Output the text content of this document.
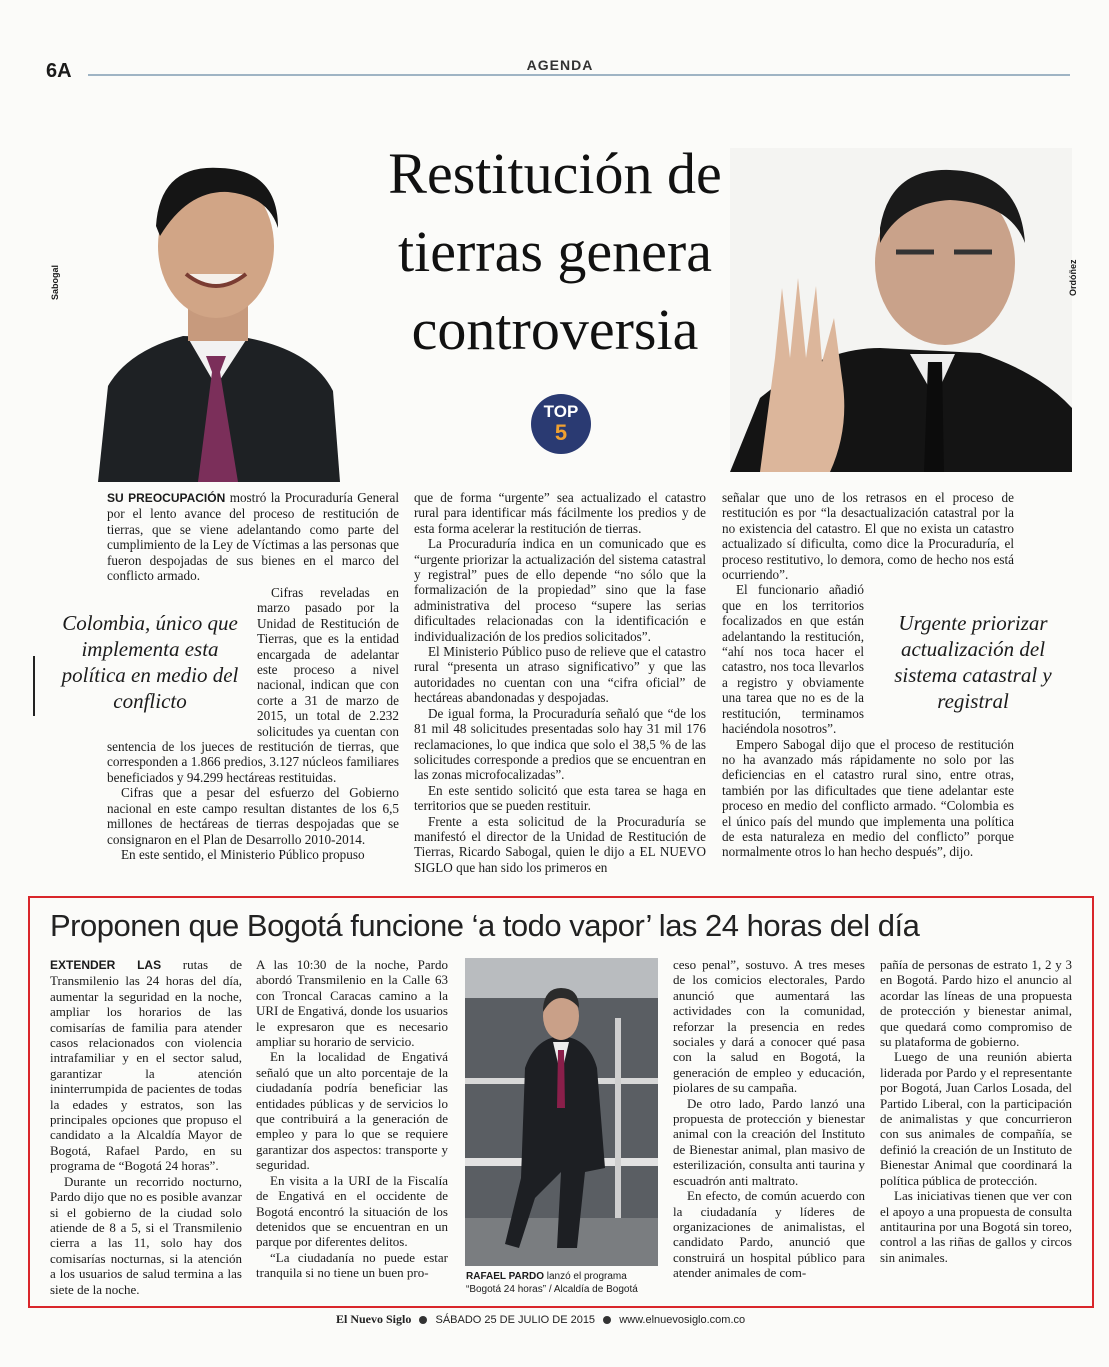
6A	AGENDA
Sabogal
Restitución de
tierras genera
controversia
TOP
5
Ordóñez

SU PREOCUPACIÓN mostró la Procuraduría General por el lento avance del proceso de restitución de tierras, que se viene adelantando como parte del cumplimiento de la Ley de Víctimas a las personas que fueron despojadas de sus bienes en el marco del conflicto armado.

Cifras reveladas en marzo pasado por la Unidad de Restitución de Tierras, que es la entidad encargada de adelantar este proceso a nivel nacional, indican que con corte a 31 de marzo de 2015, un total de 2.232 solicitudes ya cuentan con sentencia de los jueces de restitución de tierras, que corresponden a 1.866 predios, 3.127 núcleos familiares beneficiados y 94.299 hectáreas restituidas.

Cifras que a pesar del esfuerzo del Gobierno nacional en este campo resultan distantes de los 6,5 millones de hectáreas de tierras despojadas que se consignaron en el Plan de Desarrollo 2010-2014.

En este sentido, el Ministerio Público propuso

Colombia, único que implementa esta política en medio del conflicto

que de forma “urgente” sea actualizado el catastro rural para identificar más fácilmente los predios y de esta forma acelerar la restitución de tierras.

La Procuraduría indica en un comunicado que es “urgente priorizar la actualización del sistema catastral y registral” pues de ello depende “no sólo que la formalización de la propiedad” sino que la fase administrativa del proceso “supere las serias dificultades relacionadas con la identificación e individualización de los predios solicitados”.

El Ministerio Público puso de relieve que el catastro rural “presenta un atraso significativo” y que las autoridades no cuentan con una “cifra oficial” de hectáreas abandonadas y despojadas.

De igual forma, la Procuraduría señaló que “de los 81 mil 48 solicitudes presentadas solo hay 31 mil 176 reclamaciones, lo que indica que solo el 38,5 % de las solicitudes corresponde a predios que se encuentran en las zonas microfocalizadas”.

En este sentido solicitó que esta tarea se haga en territorios que se pueden restituir.

Frente a esta solicitud de la Procuraduría se manifestó el director de la Unidad de Restitución de Tierras, Ricardo Sabogal, quien le dijo a EL NUEVO SIGLO que han sido los primeros en

señalar que uno de los retrasos en el proceso de restitución es por “la desactualización catastral por la no existencia del catastro. El que no exista un catastro actualizado sí dificulta, como dice la Procuraduría, el proceso restitutivo, lo demora, como de hecho nos está ocurriendo”.

El funcionario añadió que en los territorios focalizados en que están adelantando la restitución, “ahí nos toca hacer el catastro, nos toca llevarlos a registro y obviamente una tarea que no es de la restitución, terminamos haciéndola nosotros”.

Empero Sabogal dijo que el proceso de restitución no ha avanzado más rápidamente no solo por las deficiencias en el catastro rural sino, entre otras, también por las dificultades que tiene adelantar este proceso en medio del conflicto armado. “Colombia es el único país del mundo que implementa una política de esta naturaleza en medio del conflicto” porque normalmente otros lo han hecho después”, dijo.

Urgente priorizar actualización del sistema catastral y registral
Proponen que Bogotá funcione ‘a todo vapor’ las 24 horas del día

EXTENDER LAS rutas de Transmilenio las 24 horas del día, aumentar la seguridad en la noche, ampliar los horarios de las comisarías de familia para atender casos relacionados con violencia intrafamiliar y en el sector salud, garantizar la atención ininterrumpida de pacientes de todas la edades y estratos, son las principales opciones que propuso el candidato a la Alcaldía Mayor de Bogotá, Rafael Pardo, en su programa de “Bogotá 24 horas”.

Durante un recorrido nocturno, Pardo dijo que no es posible avanzar si el gobierno de la ciudad solo atiende de 8 a 5, si el Transmilenio cierra a las 11, solo hay dos comisarías nocturnas, si la atención a los usuarios de salud termina a las siete de la noche.

A las 10:30 de la noche, Pardo abordó Transmilenio en la Calle 63 con Troncal Caracas camino a la URI de Engativá, donde los usuarios le expresaron que es necesario ampliar su horario de servicio.

En la localidad de Engativá señaló que un alto porcentaje de la ciudadanía podría beneficiar las entidades públicas y de servicios lo que contribuirá a la generación de empleo y para lo que se requiere garantizar dos aspectos: transporte y seguridad.

En visita a la URI de la Fiscalía de Engativá en el occidente de Bogotá encontró la situación de los detenidos que se encuentran en un parque por diferentes delitos.

“La ciudadanía no puede estar tranquila si no tiene un buen pro-	RAFAEL PARDO lanzó el programa “Bogotá 24 horas” / Alcaldía de Bogotá

ceso penal”, sostuvo. A tres meses de los comicios electorales, Pardo anunció que aumentará las actividades con la comunidad, reforzar la presencia en redes sociales y dará a conocer qué pasa con la salud en Bogotá, la generación de empleo y educación, piolares de su campaña.

De otro lado, Pardo lanzó una propuesta de protección y bienestar animal con la creación del Instituto de Bienestar animal, plan masivo de esterilización, consulta anti taurina y escuadrón anti maltrato.

En efecto, de común acuerdo con la ciudadanía y líderes de organizaciones de animalistas, el candidato Pardo, anunció que construirá un hospital público para atender animales de com-

pañía de personas de estrato 1, 2 y 3 en Bogotá. Pardo hizo el anuncio al acordar las líneas de una propuesta de protección y bienestar animal, que quedará como compromiso de su plataforma de gobierno.

Luego de una reunión abierta liderada por Pardo y el representante por Bogotá, Juan Carlos Losada, del Partido Liberal, con la participación de animalistas y que concurrieron con sus animales de compañía, se definió la creación de un Instituto de Bienestar Animal que coordinará la política pública de protección.

Las iniciativas tienen que ver con el apoyo a una propuesta de consulta antitaurina por una Bogotá sin toreo, control a las riñas de gallos y circos sin animales.

El Nuevo Siglo SÁBADO 25 DE JULIO DE 2015 www.elnuevosiglo.com.co
